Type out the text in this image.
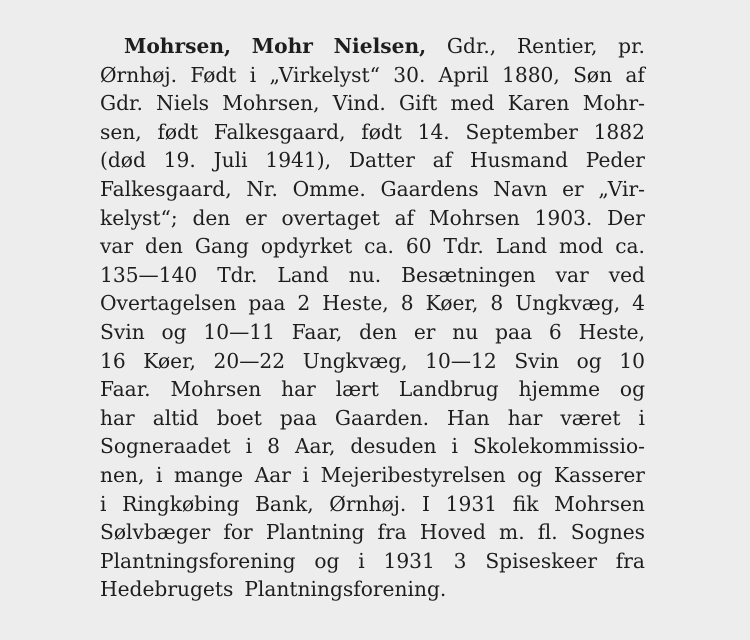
Mohrsen, Mohr Nielsen, Gdr., Rentier, pr.
Ørnhøj. Født i „Virkelyst“ 30. April 1880, Søn af
Gdr. Niels Mohrsen, Vind. Gift med Karen Mohr-
sen, født Falkesgaard, født 14. September 1882
(død 19. Juli 1941), Datter af Husmand Peder
Falkesgaard, Nr. Omme. Gaardens Navn er „Vir-
kelyst“; den er overtaget af Mohrsen 1903. Der
var den Gang opdyrket ca. 60 Tdr. Land mod ca.
135—140 Tdr. Land nu. Besætningen var ved
Overtagelsen paa 2 Heste, 8 Køer, 8 Ungkvæg, 4
Svin og 10—11 Faar, den er nu paa 6 Heste,
16 Køer, 20—22 Ungkvæg, 10—12 Svin og 10
Faar. Mohrsen har lært Landbrug hjemme og
har altid boet paa Gaarden. Han har været i
Sogneraadet i 8 Aar, desuden i Skolekommissio-
nen, i mange Aar i Mejeribestyrelsen og Kasserer
i Ringkøbing Bank, Ørnhøj. I 1931 fik Mohrsen
Sølvbæger for Plantning fra Hoved m. fl. Sognes
Plantningsforening og i 1931 3 Spiseskeer fra
Hedebrugets Plantningsforening.
